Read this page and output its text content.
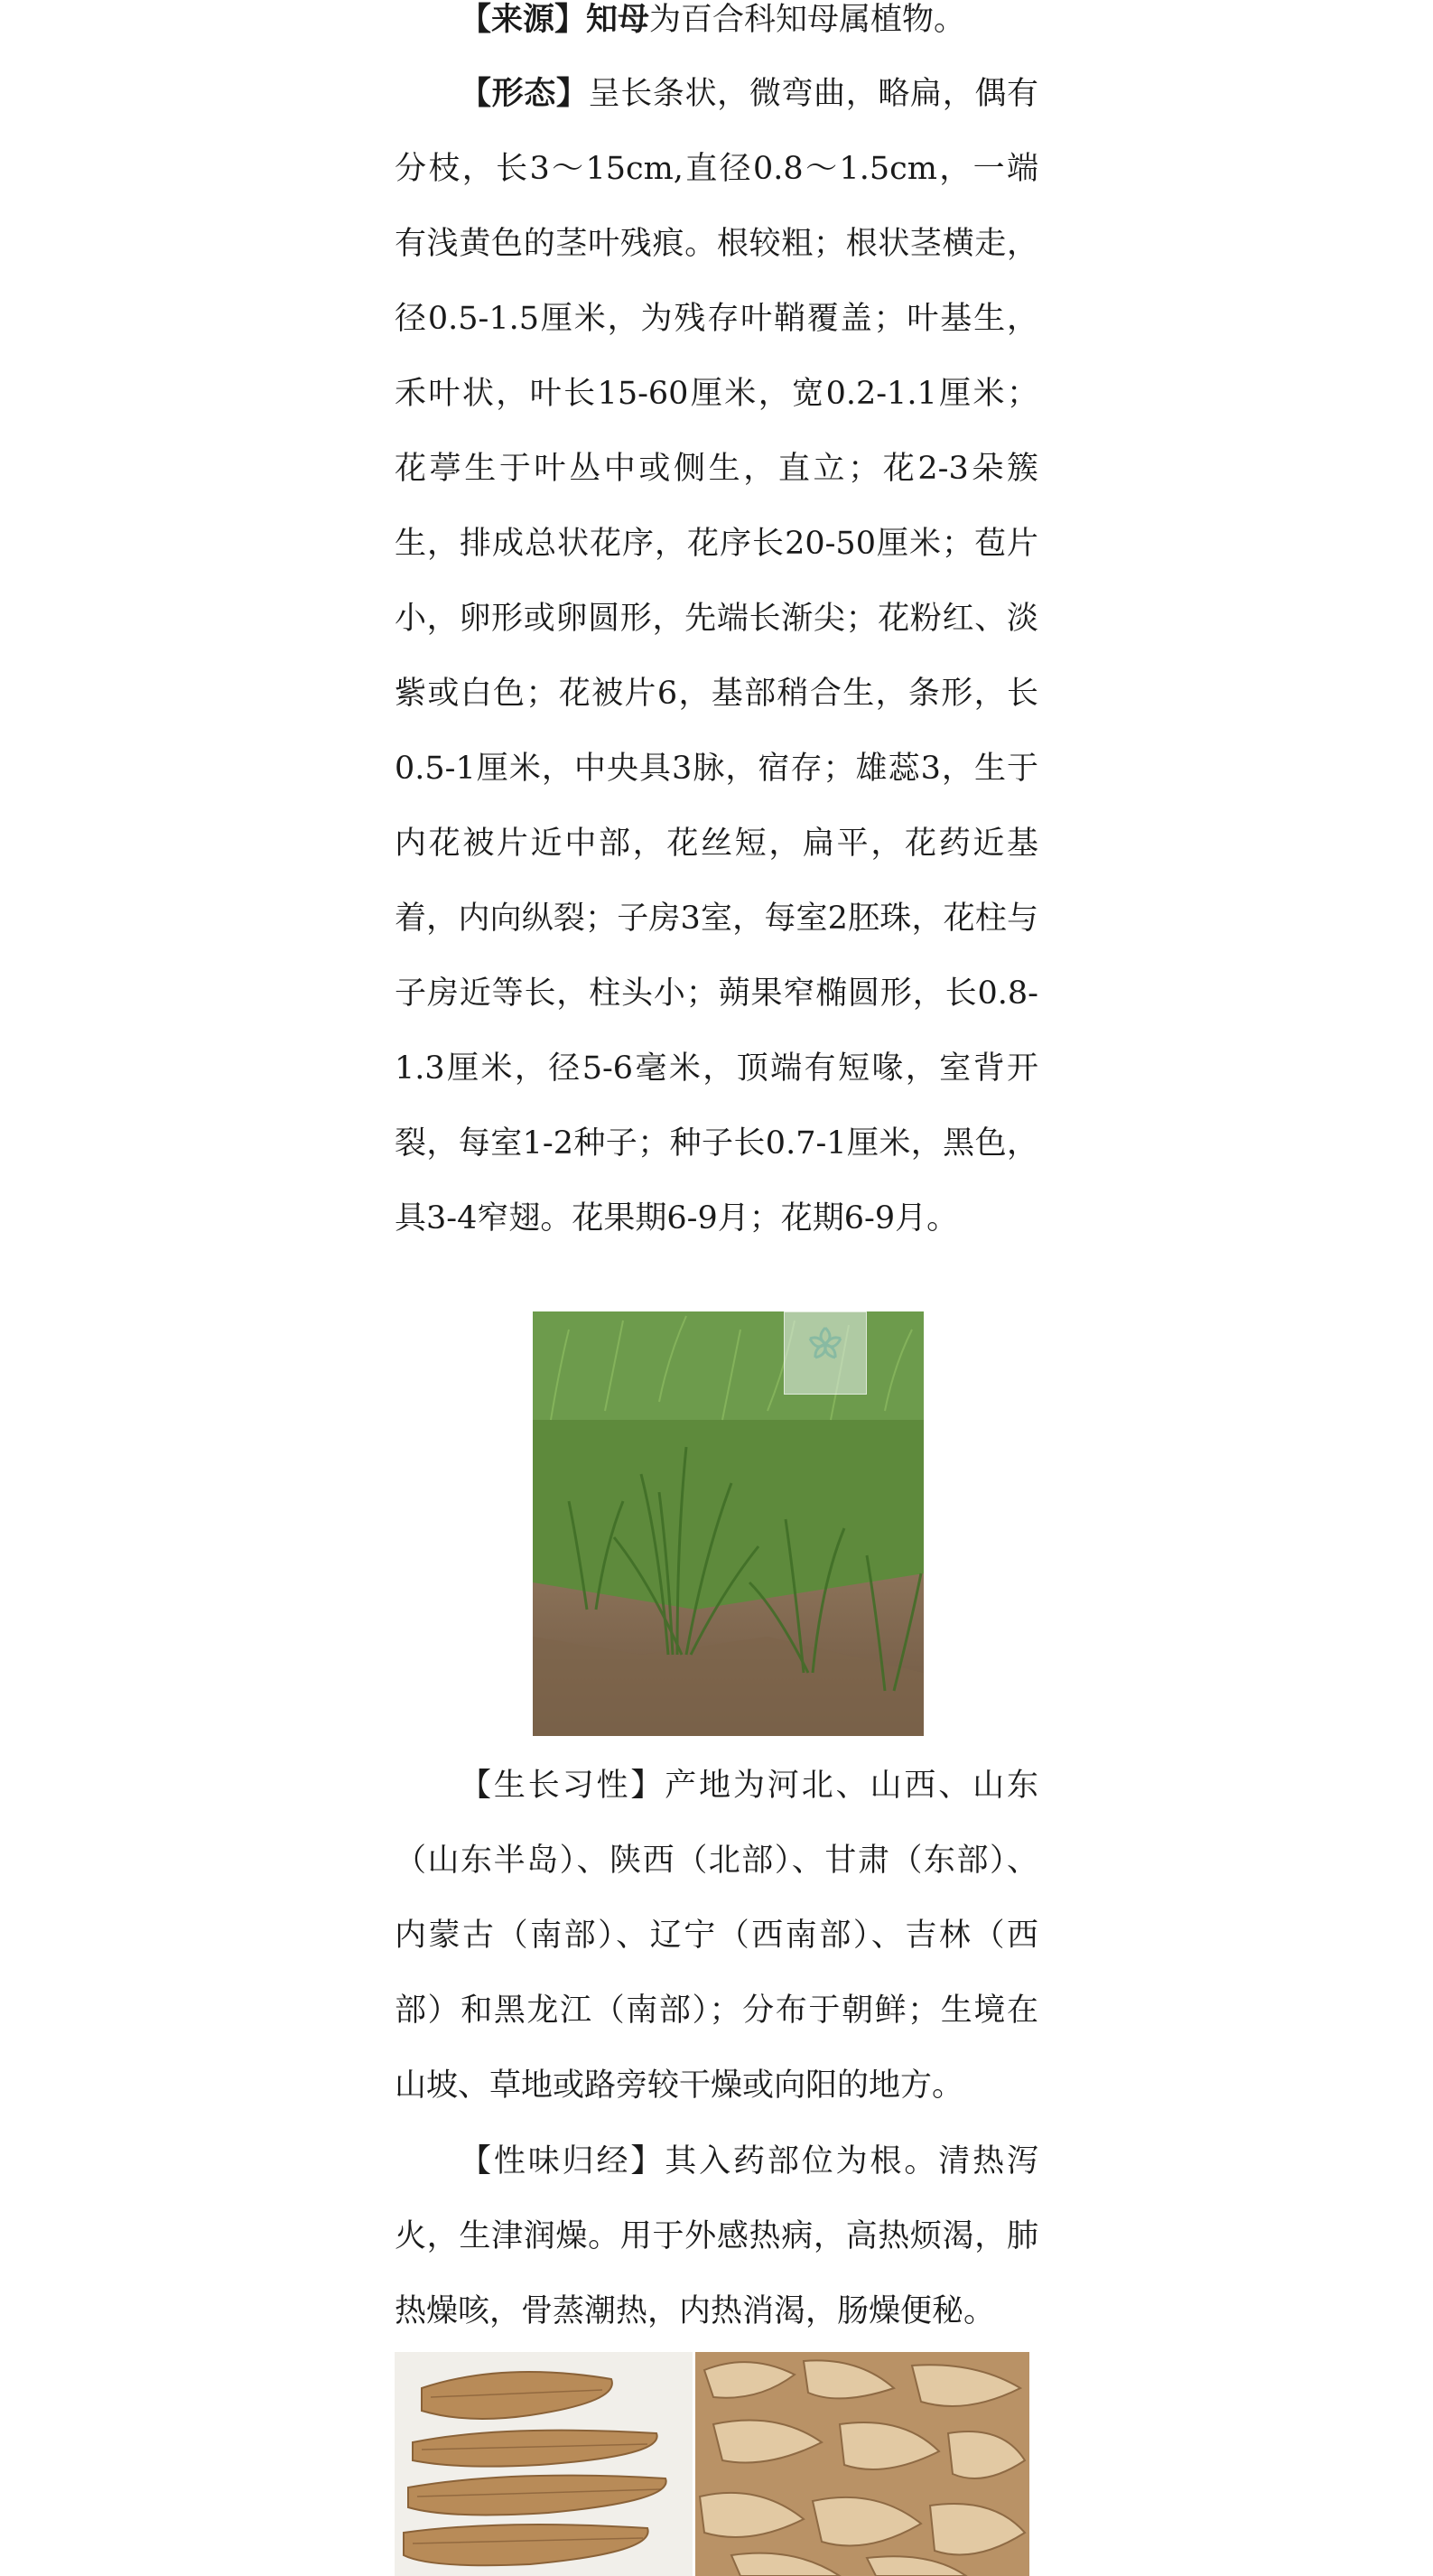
【来源】知母为百合科知母属植物。

【形态】呈长条状，微弯曲，略扁，偶有分枝，长3～15cm,直径0.8～1.5cm，一端有浅黄色的茎叶残痕。根较粗；根状茎横走，径0.5-1.5厘米，为残存叶鞘覆盖；叶基生，禾叶状，叶长15-60厘米，宽0.2-1.1厘米；花葶生于叶丛中或侧生，直立；花2-3朵簇生，排成总状花序，花序长20-50厘米；苞片小，卵形或卵圆形，先端长渐尖；花粉红、淡紫或白色；花被片6，基部稍合生，条形，长0.5-1厘米，中央具3脉，宿存；雄蕊3，生于内花被片近中部，花丝短，扁平，花药近基着，内向纵裂；子房3室，每室2胚珠，花柱与子房近等长，柱头小；蒴果窄椭圆形，长0.8-1.3厘米，径5-6毫米，顶端有短喙，室背开裂，每室1-2种子；种子长0.7-1厘米，黑色，具3-4窄翅。花果期6-9月；花期6-9月。

【生长习性】产地为河北、山西、山东（山东半岛）、陕西（北部）、甘肃（东部）、内蒙古（南部）、辽宁（西南部）、吉林（西部）和黑龙江（南部）；分布于朝鲜；生境在山坡、草地或路旁较干燥或向阳的地方。

【性味归经】其入药部位为根。清热泻火，生津润燥。用于外感热病，高热烦渴，肺热燥咳，骨蒸潮热，内热消渴，肠燥便秘。
